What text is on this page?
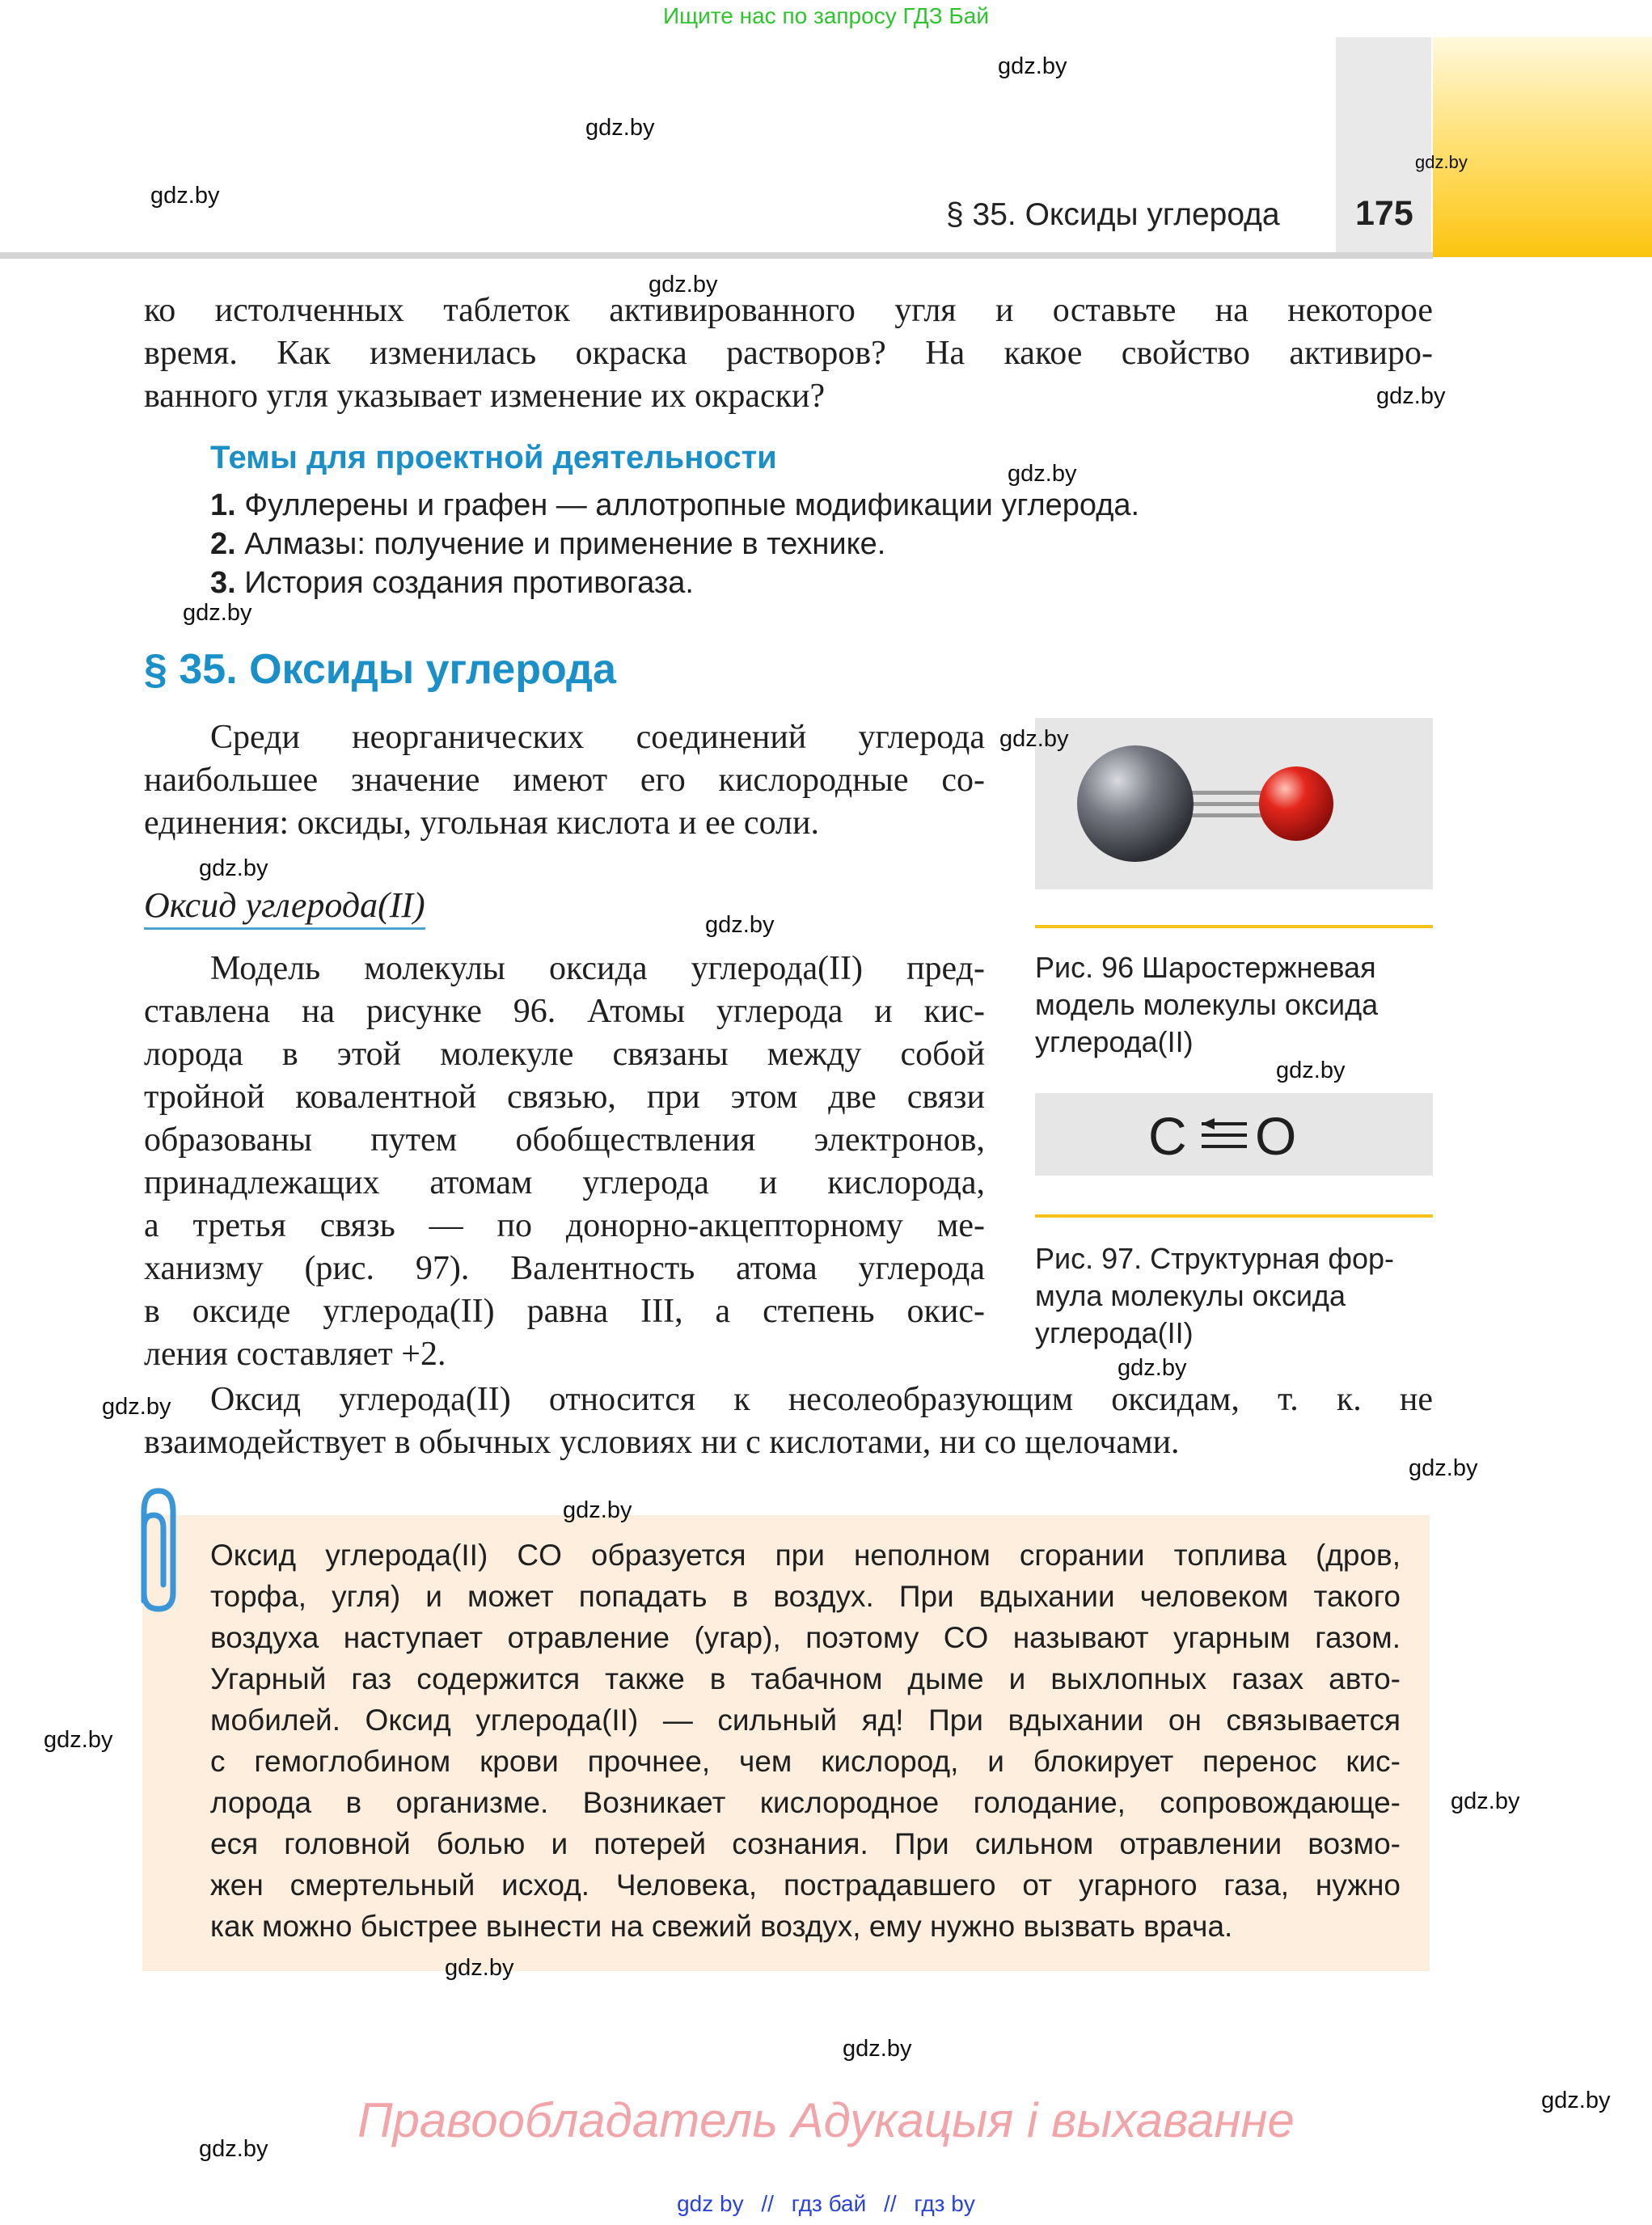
Ищите нас по запросу ГДЗ Бай
§ 35. Оксиды углерода 175
ко истолченных таблеток активированного угля и оставьте на некоторое
время. Как изменилась окраска растворов? На какое свойство активиро-
ванного угля указывает изменение их окраски?
Темы для проектной деятельности
1. Фуллерены и графен — аллотропные модификации углерода.
2. Алмазы: получение и применение в технике.
3. История создания противогаза.
§ 35. Оксиды углерода
Среди неорганических соединений углерода
наибольшее значение имеют его кислородные со-
единения: оксиды, угольная кислота и ее соли.
Оксид углерода(II)
Модель молекулы оксида углерода(II) пред-
ставлена на рисунке 96. Атомы углерода и кис-
лорода в этой молекуле связаны между собой
тройной ковалентной связью, при этом две связи
образованы путем обобществления электронов,
принадлежащих атомам углерода и кислорода,
а третья связь — по донорно-акцепторному ме-
ханизму (рис. 97). Валентность атома углерода
в оксиде углерода(II) равна III, а степень окис-
ления составляет +2.
Оксид углерода(II) относится к несолеобразующим оксидам, т. к. не
взаимодействует в обычных условиях ни с кислотами, ни со щелочами.
Рис. 96 Шаростержневая
модель молекулы оксида
углерода(II)
C O
Рис. 97. Структурная фор-
мула молекулы оксида
углерода(II)
Оксид углерода(II) CO образуется при неполном сгорании топлива (дров,
торфа, угля) и может попадать в воздух. При вдыхании человеком такого
воздуха наступает отравление (угар), поэтому CO называют угарным газом.
Угарный газ содержится также в табачном дыме и выхлопных газах авто-
мобилей. Оксид углерода(II) — сильный яд! При вдыхании он связывается
с гемоглобином крови прочнее, чем кислород, и блокирует перенос кис-
лорода в организме. Возникает кислородное голодание, сопровождающе-
еся головной болью и потерей сознания. При сильном отравлении возмо-
жен смертельный исход. Человека, пострадавшего от угарного газа, нужно
как можно быстрее вынести на свежий воздух, ему нужно вызвать врача.
gdz.by
gdz.by
gdz.by
gdz.by
gdz.by
gdz.by
gdz.by
gdz.by
gdz.by
gdz.by
gdz.by
gdz.by
gdz.by
gdz.by
gdz.by
gdz.by
gdz.by
gdz.by
gdz.by
gdz.by
gdz.by
gdz.by
Правообладатель Адукацыя і выхаванне
gdz by // гдз бай // гдз by
